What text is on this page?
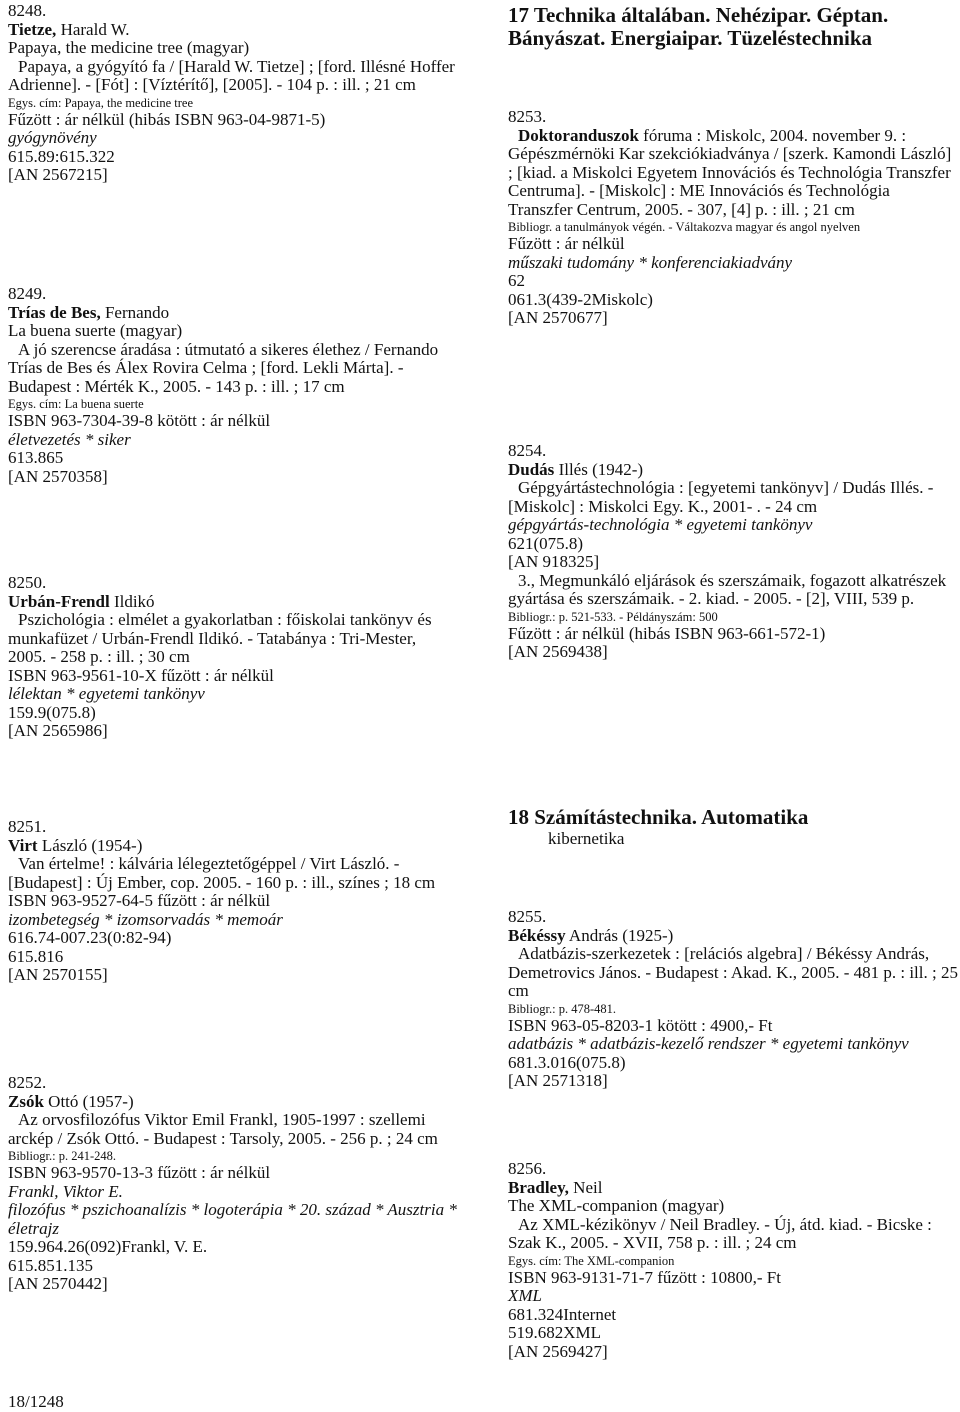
8248.
Tietze, Harald W.
Papaya, the medicine tree (magyar)
Papaya, a gyógyító fa / [Harald W. Tietze] ; [ford. Illésné Hoffer Adrienne]. - [Fót] : [Víztérítő], [2005]. - 104 p. : ill. ; 21 cm
Egys. cím: Papaya, the medicine tree
Fűzött : ár nélkül (hibás ISBN 963-04-9871-5)
gyógynövény
615.89:615.322
[AN 2567215]
8249.
Trías de Bes, Fernando
La buena suerte (magyar)
A jó szerencse áradása : útmutató a sikeres élethez / Fernando Trías de Bes és Álex Rovira Celma ; [ford. Lekli Márta]. - Budapest : Mérték K., 2005. - 143 p. : ill. ; 17 cm
Egys. cím: La buena suerte
ISBN 963-7304-39-8 kötött : ár nélkül
életvezetés * siker
613.865
[AN 2570358]
8250.
Urbán-Frendl Ildikó
Pszichológia : elmélet a gyakorlatban : főiskolai tankönyv és munkafüzet / Urbán-Frendl Ildikó. - Tatabánya : Tri-Mester, 2005. - 258 p. : ill. ; 30 cm
ISBN 963-9561-10-X fűzött : ár nélkül
lélektan * egyetemi tankönyv
159.9(075.8)
[AN 2565986]
17 Technika általában. Nehézipar. Géptan. Bányászat. Energiaipar. Tüzeléstechnika
8253.
Doktoranduszok fóruma : Miskolc, 2004. november 9. : Gépészmérnöki Kar szekciókiadványa / [szerk. Kamondi László] ; [kiad. a Miskolci Egyetem Innovációs és Technológia Transzfer Centruma]. - [Miskolc] : ME Innovációs és Technológia Transzfer Centrum, 2005. - 307, [4] p. : ill. ; 21 cm
Bibliogr. a tanulmányok végén. - Váltakozva magyar és angol nyelven
Fűzött : ár nélkül
műszaki tudomány * konferenciakiadvány
62
061.3(439-2Miskolc)
[AN 2570677]
8254.
Dudás Illés (1942-)
Gépgyártástechnológia : [egyetemi tankönyv] / Dudás Illés. - [Miskolc] : Miskolci Egy. K., 2001- . - 24 cm
gépgyártás-technológia * egyetemi tankönyv
621(075.8)
[AN 918325]
3., Megmunkáló eljárások és szerszámaik, fogazott alkatrészek gyártása és szerszámaik. - 2. kiad. - 2005. - [2], VIII, 539 p.
Bibliogr.: p. 521-533. - Példányszám: 500
Fűzött : ár nélkül (hibás ISBN 963-661-572-1)
[AN 2569438]
8251.
Virt László (1954-)
Van értelme! : kálvária lélegeztetőgéppel / Virt László. - [Budapest] : Új Ember, cop. 2005. - 160 p. : ill., színes ; 18 cm
ISBN 963-9527-64-5 fűzött : ár nélkül
izombetegség * izomsorvadás * memoár
616.74-007.23(0:82-94)
615.816
[AN 2570155]
8252.
Zsók Ottó (1957-)
Az orvosfilozófus Viktor Emil Frankl, 1905-1997 : szellemi arckép / Zsók Ottó. - Budapest : Tarsoly, 2005. - 256 p. ; 24 cm
Bibliogr.: p. 241-248.
ISBN 963-9570-13-3 fűzött : ár nélkül
Frankl, Viktor E.
filozófus * pszichoanalízis * logoterápia * 20. század * Ausztria * életrajz
159.964.26(092)Frankl, V. E.
615.851.135
[AN 2570442]
18 Számítástechnika. Automatika
kibernetika
8255.
Békéssy András (1925-)
Adatbázis-szerkezetek : [relációs algebra] / Békéssy András, Demetrovics János. - Budapest : Akad. K., 2005. - 481 p. : ill. ; 25 cm
Bibliogr.: p. 478-481.
ISBN 963-05-8203-1 kötött : 4900,- Ft
adatbázis * adatbázis-kezelő rendszer * egyetemi tankönyv
681.3.016(075.8)
[AN 2571318]
8256.
Bradley, Neil
The XML-companion (magyar)
Az XML-kézikönyv / Neil Bradley. - Új, átd. kiad. - Bicske : Szak K., 2005. - XVII, 758 p. : ill. ; 24 cm
Egys. cím: The XML-companion
ISBN 963-9131-71-7 fűzött : 10800,- Ft
XML
681.324Internet
519.682XML
[AN 2569427]
18/1248
